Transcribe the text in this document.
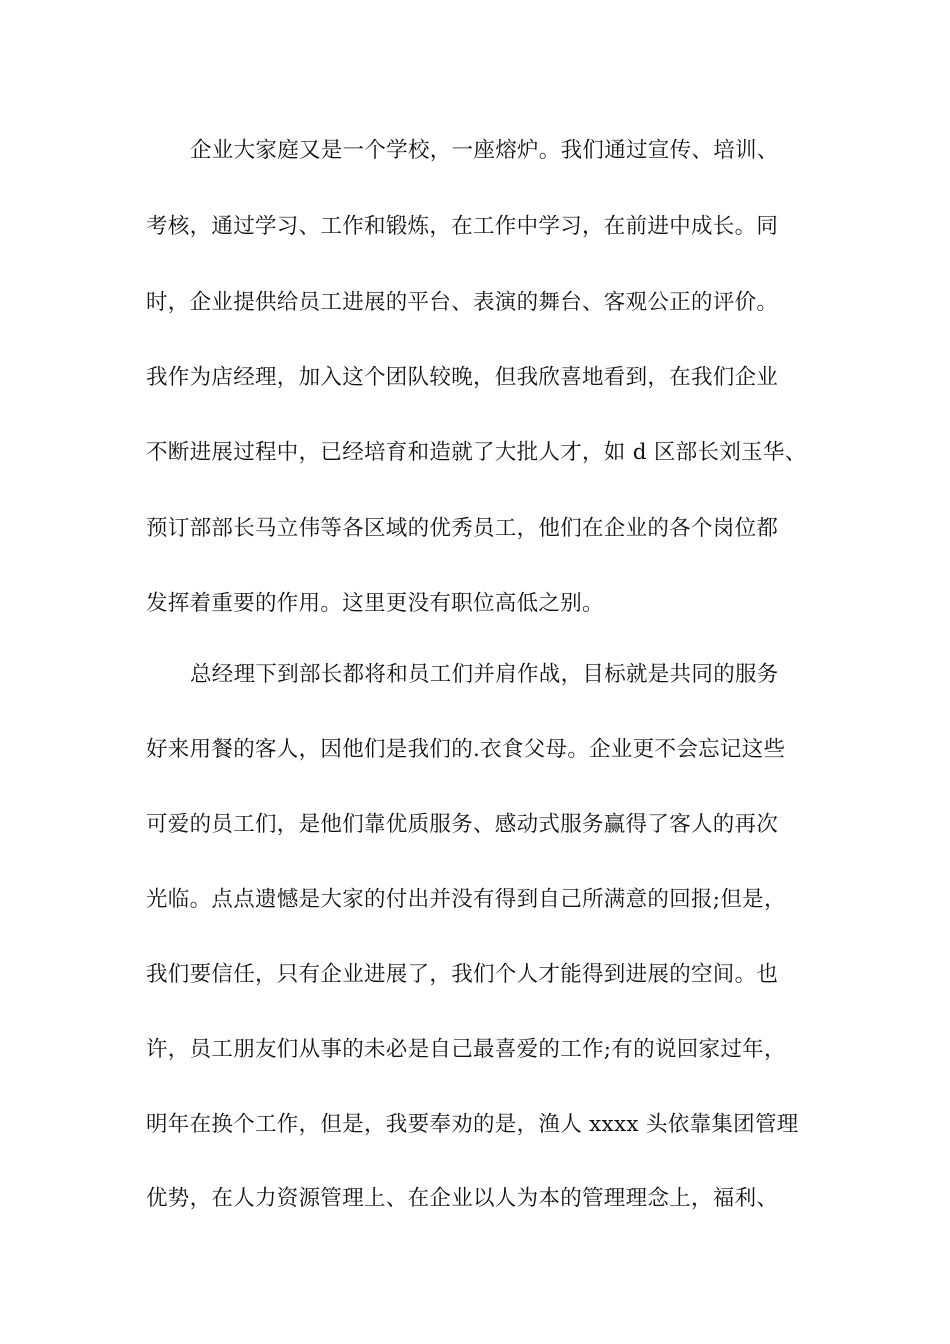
企业大家庭又是一个学校，一座熔炉。我们通过宣传、培训、
考核，通过学习、工作和锻炼，在工作中学习，在前进中成长。同
时，企业提供给员工进展的平台、表演的舞台、客观公正的评价。
我作为店经理，加入这个团队较晚，但我欣喜地看到，在我们企业
不断进展过程中，已经培育和造就了大批人才，如 d 区部长刘玉华、
预订部部长马立伟等各区域的优秀员工，他们在企业的各个岗位都
发挥着重要的作用。这里更没有职位高低之别。
总经理下到部长都将和员工们并肩作战，目标就是共同的服务
好来用餐的客人，因他们是我们的.衣食父母。企业更不会忘记这些
可爱的员工们，是他们靠优质服务、感动式服务赢得了客人的再次
光临。点点遗憾是大家的付出并没有得到自己所满意的回报;但是，
我们要信任，只有企业进展了，我们个人才能得到进展的空间。也
许，员工朋友们从事的未必是自己最喜爱的工作;有的说回家过年，
明年在换个工作，但是，我要奉劝的是，渔人 xxxx 头依靠集团管理
优势，在人力资源管理上、在企业以人为本的管理理念上，福利、
